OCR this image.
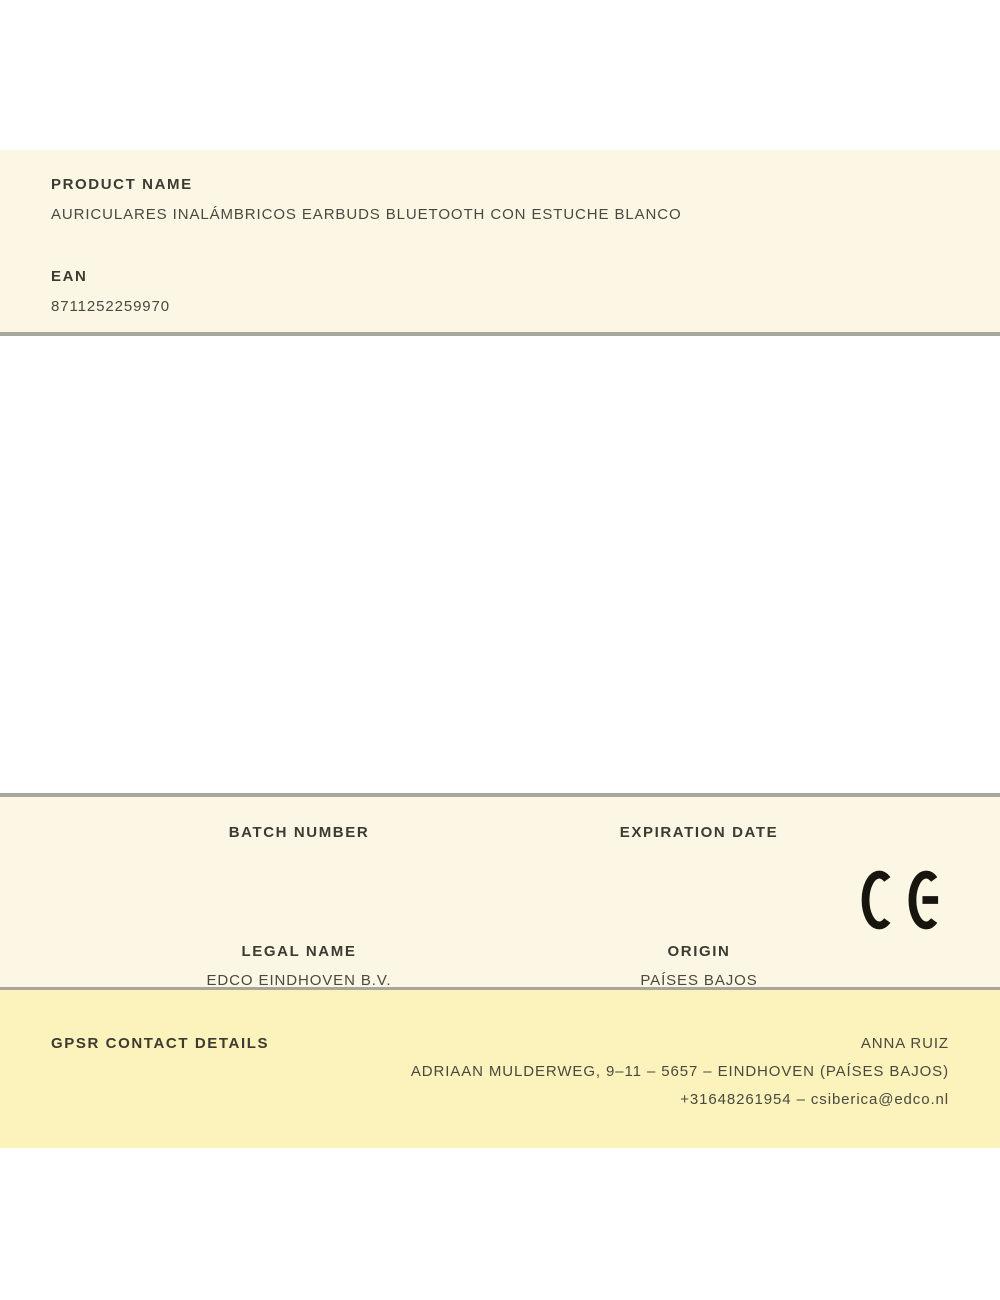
PRODUCT NAME
AURICULARES INALÁMBRICOS EARBUDS BLUETOOTH CON ESTUCHE BLANCO
EAN
8711252259970
BATCH NUMBER
LEGAL NAME
EDCO EINDHOVEN B.V.
EXPIRATION DATE
ORIGIN
PAÍSES BAJOS
GPSR CONTACT DETAILS	ANNA RUIZ
ADRIAAN MULDERWEG, 9–11 – 5657 – EINDHOVEN (PAÍSES BAJOS)
+31648261954 – csiberica@edco.nl
